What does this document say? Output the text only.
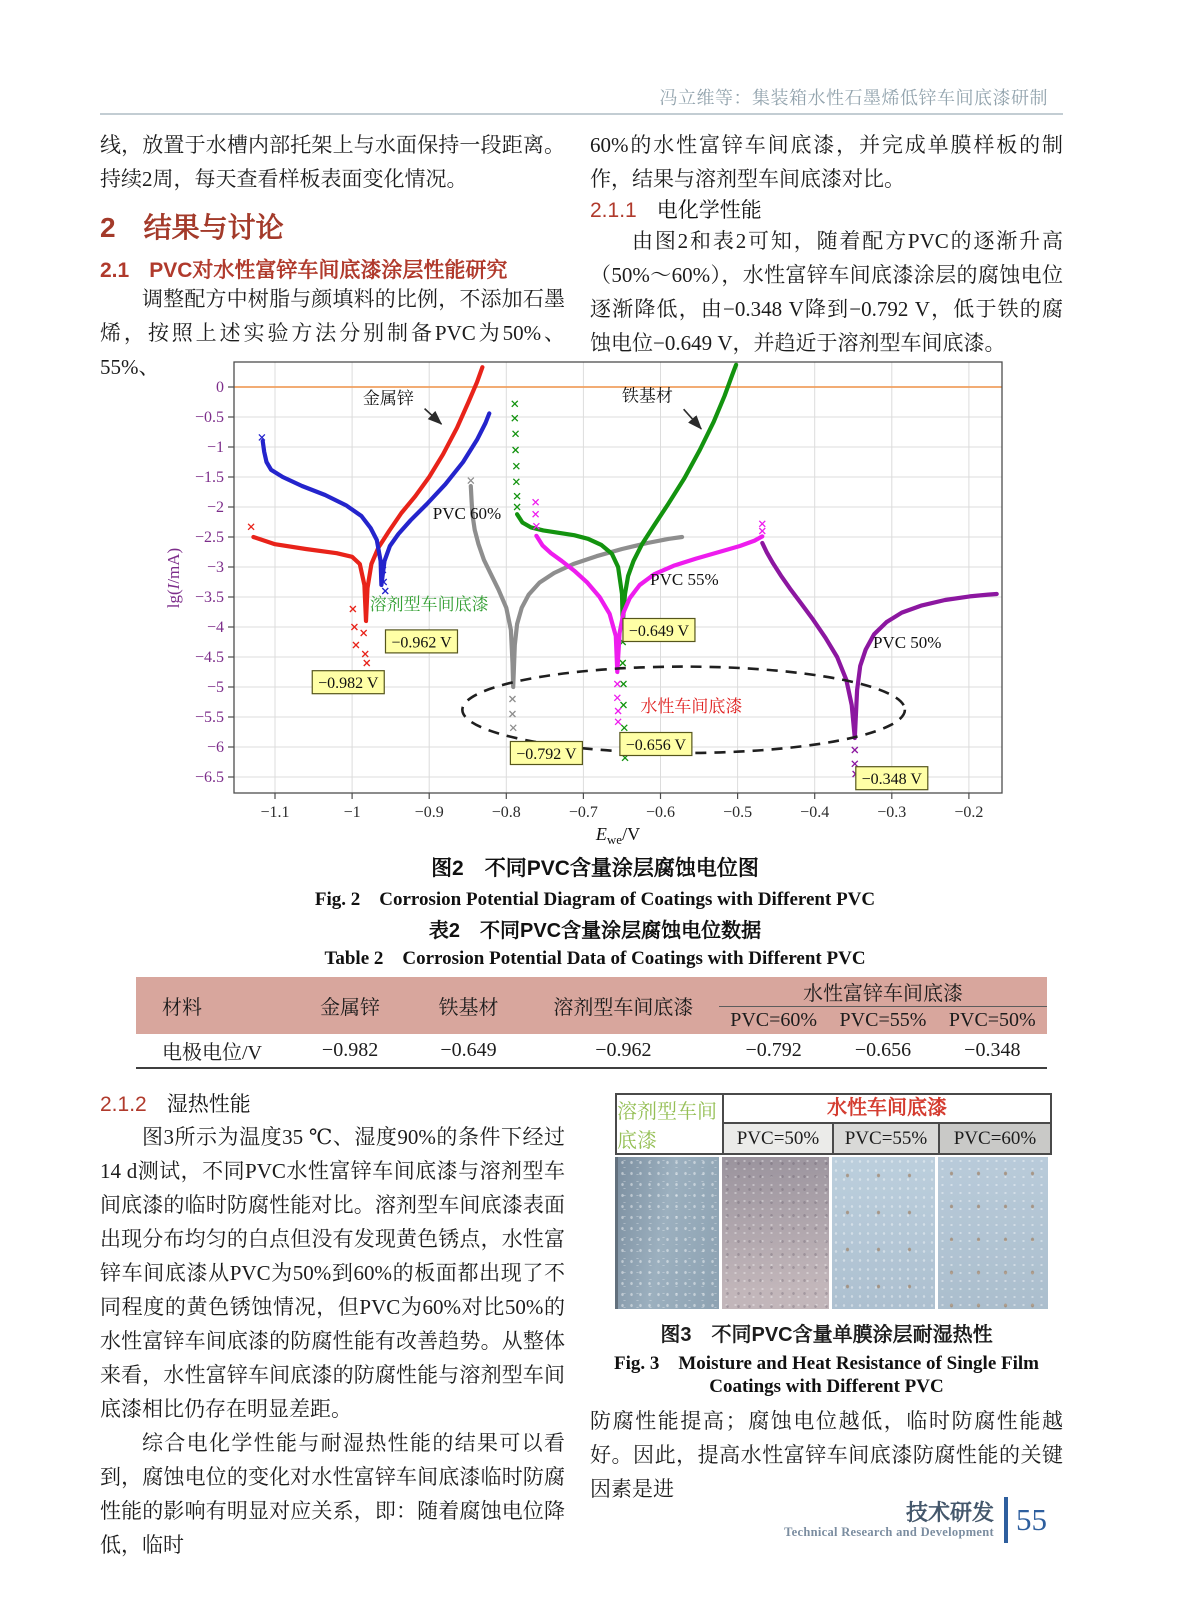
冯立维等：集装箱水性石墨烯低锌车间底漆研制
线，放置于水槽内部托架上与水面保持一段距离。持续2周，每天查看样板表面变化情况。
2 结果与讨论
2.1 PVC对水性富锌车间底漆涂层性能研究
调整配方中树脂与颜填料的比例，不添加石墨烯，按照上述实验方法分别制备PVC为50%、55%、
60%的水性富锌车间底漆，并完成单膜样板的制作，结果与溶剂型车间底漆对比。
2.1.1 电化学性能
由图2和表2可知，随着配方PVC的逐渐升高（50%～60%），水性富锌车间底漆涂层的腐蚀电位逐渐降低，由−0.348 V降到−0.792 V，低于铁的腐蚀电位−0.649 V，并趋近于溶剂型车间底漆。
−1.1	−1	−0.9	−0.8	−0.7	−0.6	−0.5	−0.4	−0.3	−0.2
0
−0.5
−1
−1.5
−2
−2.5
−3
−3.5
−4
−4.5
−5
−5.5
−6
−6.5
lg(I/mA)
$E_{we}/V$
金属锌	铁基材
PVC 60%
PVC 55%
PVC 50%
溶剂型车间底漆
水性车间底漆
−0.982 V
−0.962 V
−0.649 V
−0.792 V
−0.656 V
−0.348 V
图2　不同PVC含量涂层腐蚀电位图
Fig. 2　Corrosion Potential Diagram of Coatings with Different PVC
表2　不同PVC含量涂层腐蚀电位数据
Table 2　Corrosion Potential Data of Coatings with Different PVC
材料	金属锌	铁基材	溶剂型车间底漆	水性富锌车间底漆		
				PVC=60%	PVC=55%	PVC=50%
电极电位/V	−0.982	−0.649	−0.962	−0.792	−0.656	−0.348
2.1.2 湿热性能
图3所示为温度35 ℃、湿度90%的条件下经过14 d测试，不同PVC水性富锌车间底漆与溶剂型车间底漆的临时防腐性能对比。溶剂型车间底漆表面出现分布均匀的白点但没有发现黄色锈点，水性富锌车间底漆从PVC为50%到60%的板面都出现了不同程度的黄色锈蚀情况，但PVC为60%对比50%的水性富锌车间底漆的防腐性能有改善趋势。从整体来看，水性富锌车间底漆的防腐性能与溶剂型车间底漆相比仍存在明显差距。
综合电化学性能与耐湿热性能的结果可以看到，腐蚀电位的变化对水性富锌车间底漆临时防腐性能的影响有明显对应关系，即：随着腐蚀电位降低，临时
溶剂型车间底漆
水性车间底漆
PVC=50%	PVC=55%	PVC=60%
图3　不同PVC含量单膜涂层耐湿热性
Fig. 3　Moisture and Heat Resistance of Single Film
Coatings with Different PVC
防腐性能提高；腐蚀电位越低，临时防腐性能越好。因此，提高水性富锌车间底漆防腐性能的关键因素是进
技术研发
Technical Research and Development 55
